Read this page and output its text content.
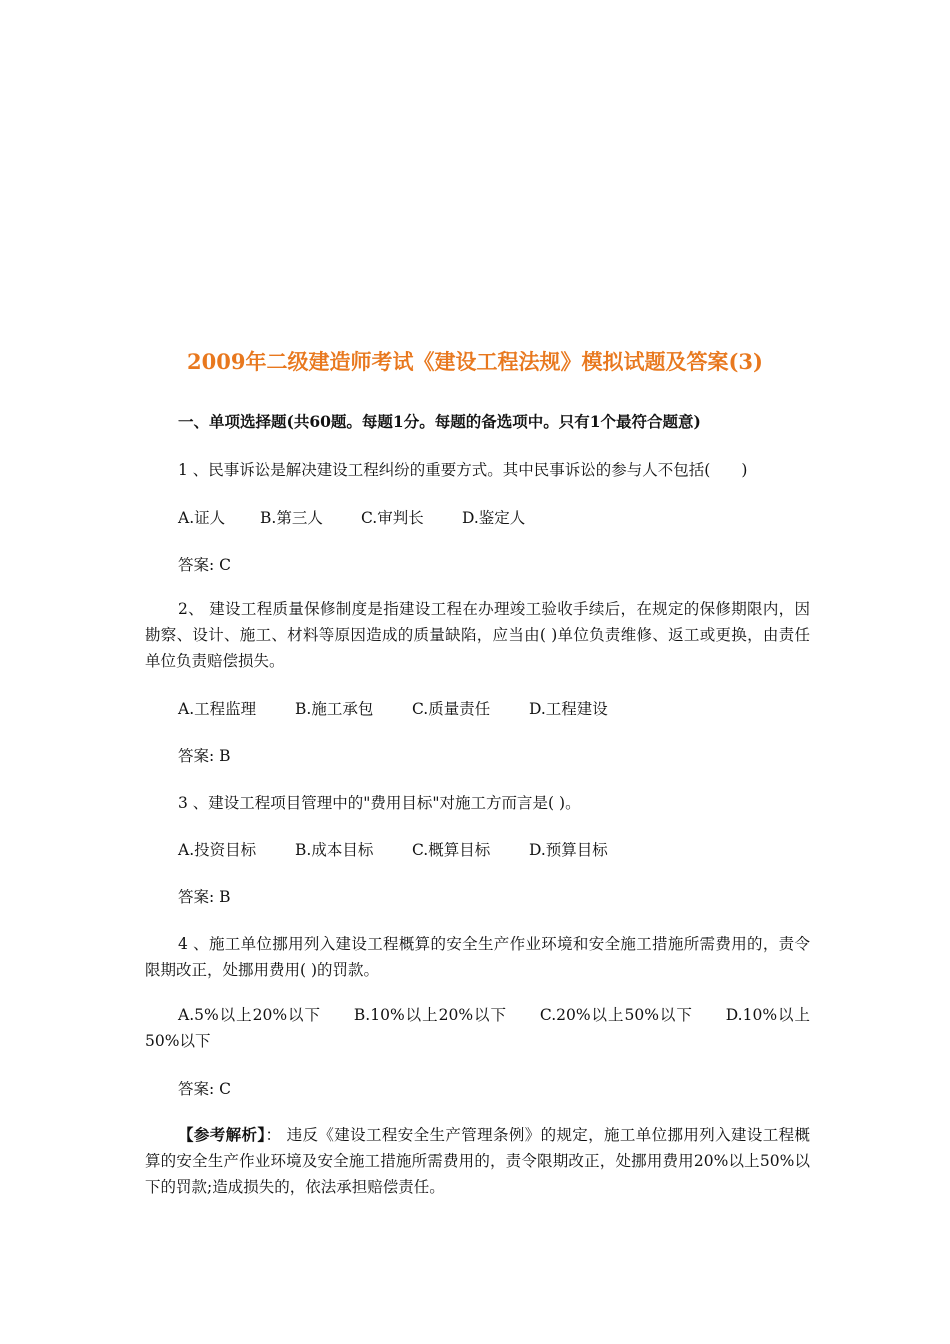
2009年二级建造师考试《建设工程法规》模拟试题及答案(3)
一、单项选择题(共60题。每题1分。每题的备选项中。只有1个最符合题意)
1 、民事诉讼是解决建设工程纠纷的重要方式。其中民事诉讼的参与人不包括(　　)
A.证人 B.第三人 C.审判长 D.鉴定人
答案: C
2、 建设工程质量保修制度是指建设工程在办理竣工验收手续后，在规定的保修期限内，因勘察、设计、施工、材料等原因造成的质量缺陷，应当由( )单位负责维修、返工或更换，由责任单位负责赔偿损失。
A.工程监理	B.施工承包 C.质量责任	D.工程建设
答案: B
3 、建设工程项目管理中的"费用目标"对施工方而言是( )。
A.投资目标	B.成本目标 C.概算目标	D.预算目标
答案: B
4 、施工单位挪用列入建设工程概算的安全生产作业环境和安全施工措施所需费用的，责令限期改正，处挪用费用( )的罚款。
A.5%以上20%以下　　B.10%以上20%以下　　C.20%以上50%以下　　D.10%以上50%以下
答案: C
【参考解析】： 违反《建设工程安全生产管理条例》的规定，施工单位挪用列入建设工程概算的安全生产作业环境及安全施工措施所需费用的，责令限期改正，处挪用费用20%以上50%以下的罚款;造成损失的，依法承担赔偿责任。
